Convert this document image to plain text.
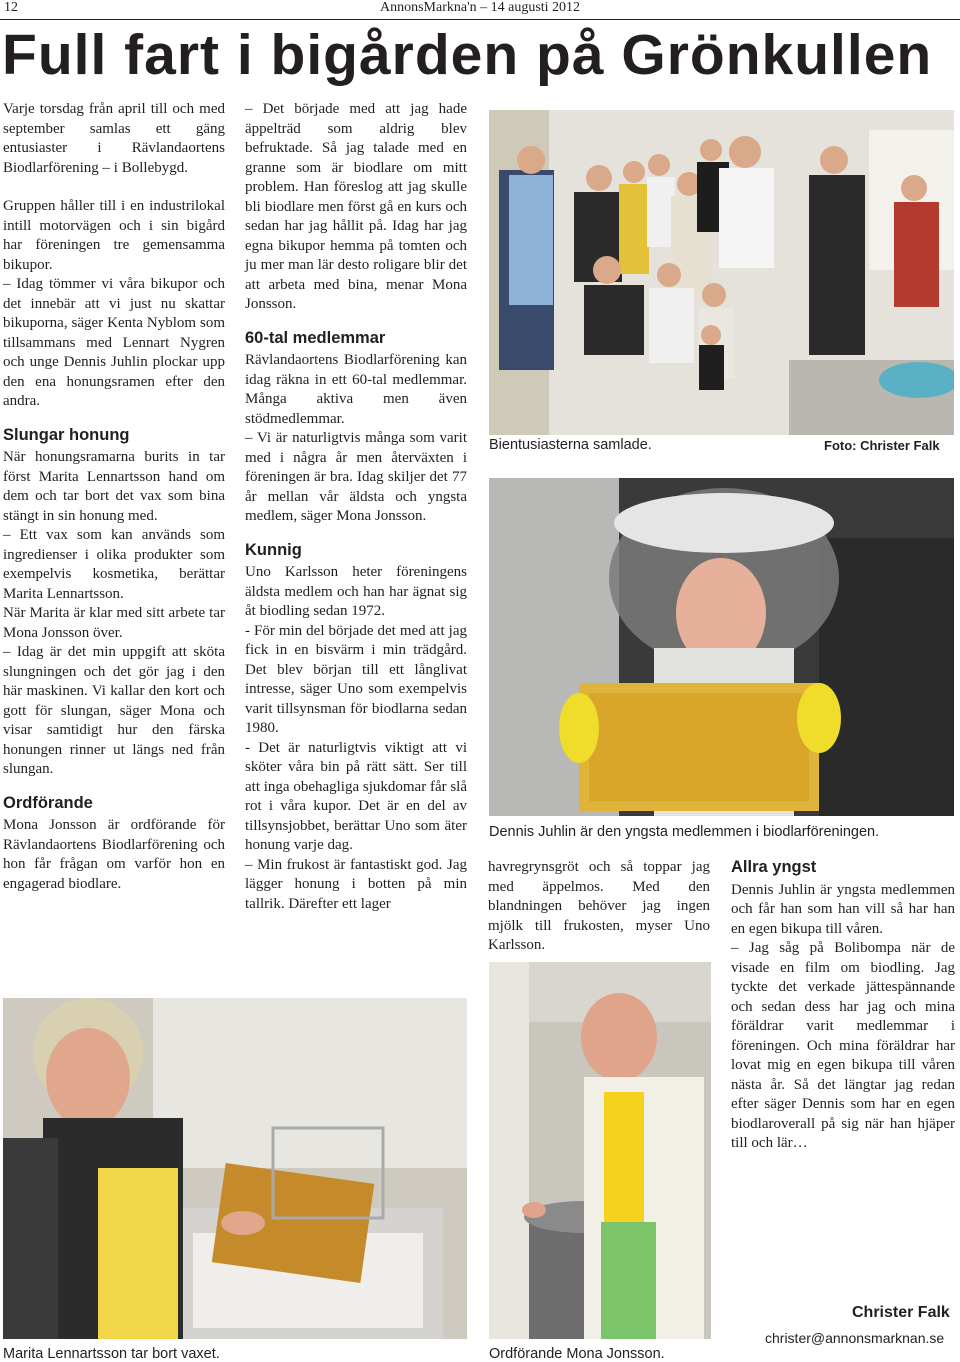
12	AnnonsMarkna'n – 14 augusti 2012
Full fart i bigården på Grönkullen

Varje torsdag från april till och med september samlas ett gäng entusiaster i Rävlandaortens Biodlarförening – i Bollebygd.

Gruppen håller till i en industrilokal intill motorvägen och i sin bigård har föreningen tre gemensamma bikupor.

– Idag tömmer vi våra bikupor och det innebär att vi just nu skattar bikuporna, säger Kenta Nyblom som tillsammans med Lennart Nygren och unge Dennis Juhlin plockar upp den ena honungsramen efter den andra.

Slungar honung

När honungsramarna burits in tar först Marita Lennartsson hand om dem och tar bort det vax som bina stängt in sin honung med.

– Ett vax som kan används som ingredienser i olika produkter som exempelvis kosmetika, berättar Marita Lennartsson.

När Marita är klar med sitt arbete tar Mona Jonsson över.

– Idag är det min uppgift att sköta slungningen och det gör jag i den här maskinen. Vi kallar den kort och gott för slungan, säger Mona och visar samtidigt hur den färska honungen rinner ut längs ned från slungan.

Ordförande

Mona Jonsson är ordförande för Rävlandaortens Biodlarförening och hon får frågan om varför hon en engagerad biodlare.

– Det började med att jag hade äppelträd som aldrig blev befruktade. Så jag talade med en granne som är biodlare om mitt problem. Han föreslog att jag skulle bli biodlare men först gå en kurs och sedan har jag hållit på. Idag har jag egna bikupor hemma på tomten och ju mer man lär desto roligare blir det att arbeta med bina, menar Mona Jonsson.

60-tal medlemmar

Rävlandaortens Biodlarförening kan idag räkna in ett 60-tal medlemmar. Många aktiva men även stödmedlemmar.

– Vi är naturligtvis många som varit med i några år men återväxten i föreningen är bra. Idag skiljer det 77 år mellan vår äldsta och yngsta medlem, säger Mona Jonsson.

Kunnig

Uno Karlsson heter föreningens äldsta medlem och han har ägnat sig åt biodling sedan 1972.

- För min del började det med att jag fick in en bisvärm i min trädgård. Det blev början till ett långlivat intresse, säger Uno som exempelvis varit tillsynsman för biodlarna sedan 1980.

- Det är naturligtvis viktigt att vi sköter våra bin på rätt sätt. Ser till att inga obehagliga sjukdomar får slå rot i våra kupor. Det är en del av tillsynsjobbet, berättar Uno som äter honung varje dag.

– Min frukost är fantastiskt god. Jag lägger honung i botten på min tallrik. Därefter ett lager

Bientusiasterna samlade.	Foto: Christer Falk
Dennis Juhlin är den yngsta medlemmen i biodlarföreningen.

havregrynsgröt och så toppar jag med äppelmos. Med den blandningen behöver jag ingen mjölk till frukosten, myser Uno Karlsson.

Allra yngst

Dennis Juhlin är yngsta medlemmen och får han som han vill så har han en egen bikupa till våren.

– Jag såg på Bolibompa när de visade en film om biodling. Jag tyckte det verkade jättespännande och sedan dess har jag och mina föräldrar varit medlemmar i föreningen. Och mina föräldrar har lovat mig en egen bikupa till våren nästa år. Så det längtar jag redan efter säger Dennis som har en egen biodlaroverall på sig när han hjäper till och lär…

Marita Lennartsson tar bort vaxet.	Ordförande Mona Jonsson.
Christer Falk
christer@annonsmarknan.se
